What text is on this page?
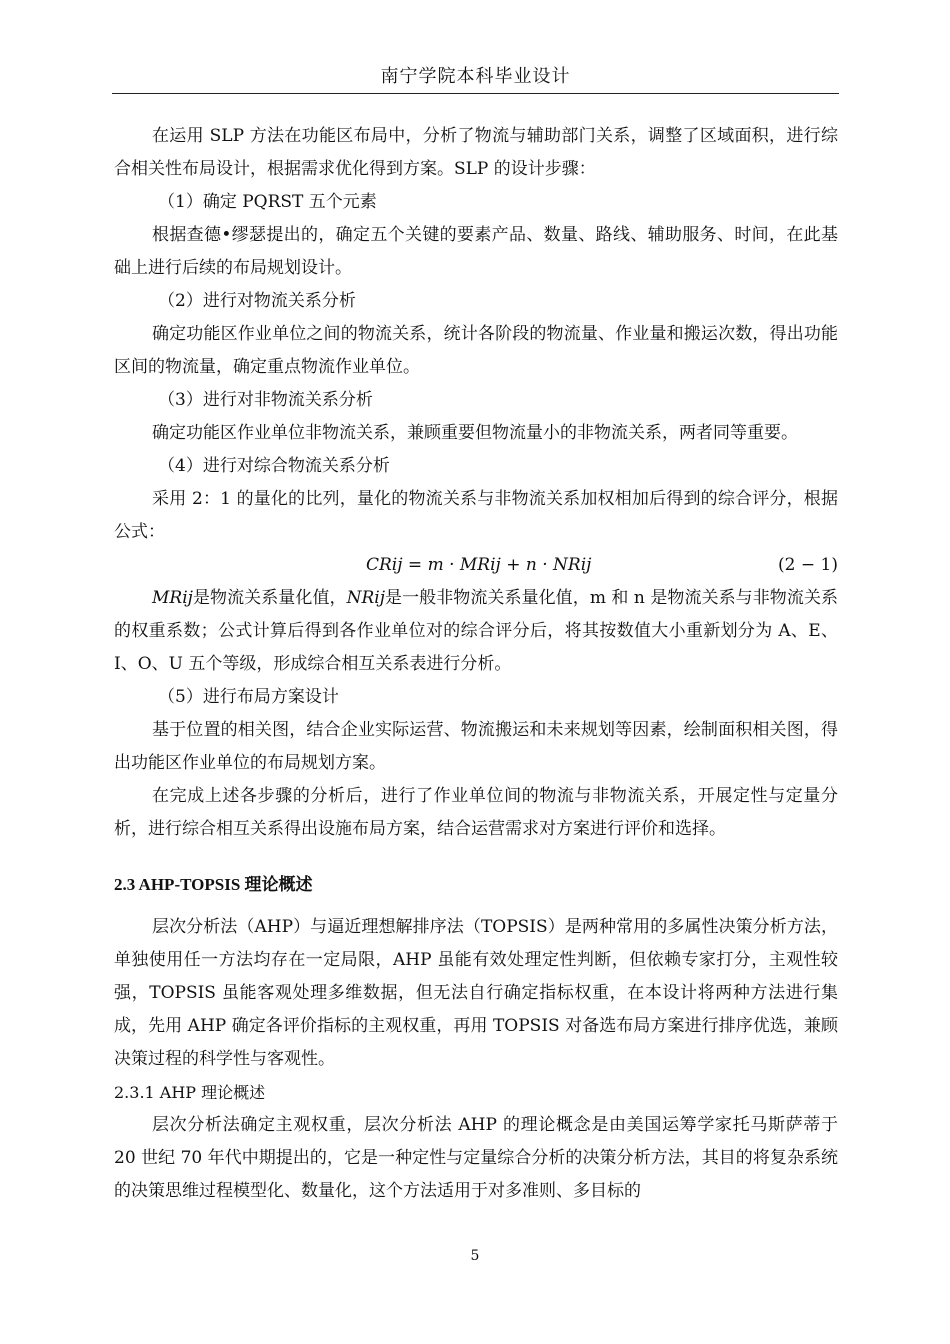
南宁学院本科毕业设计

在运用 SLP 方法在功能区布局中，分析了物流与辅助部门关系，调整了区域面积，进行综合相关性布局设计，根据需求优化得到方案。SLP 的设计步骤：

（1）确定 PQRST 五个元素

根据查德•缪瑟提出的，确定五个关键的要素产品、数量、路线、辅助服务、时间，在此基础上进行后续的布局规划设计。

（2）进行对物流关系分析

确定功能区作业单位之间的物流关系，统计各阶段的物流量、作业量和搬运次数，得出功能区间的物流量，确定重点物流作业单位。

（3）进行对非物流关系分析

确定功能区作业单位非物流关系，兼顾重要但物流量小的非物流关系，两者同等重要。

（4）进行对综合物流关系分析

采用 2：1 的量化的比列，量化的物流关系与非物流关系加权相加后得到的综合评分，根据公式：

CRij = m · MRij + n · NRij	(2 − 1)

MRij是物流关系量化值，NRij是一般非物流关系量化值，m 和 n 是物流关系与非物流关系的权重系数；公式计算后得到各作业单位对的综合评分后，将其按数值大小重新划分为 A、E、I、O、U 五个等级，形成综合相互关系表进行分析。

（5）进行布局方案设计

基于位置的相关图，结合企业实际运营、物流搬运和未来规划等因素，绘制面积相关图，得出功能区作业单位的布局规划方案。

在完成上述各步骤的分析后，进行了作业单位间的物流与非物流关系，开展定性与定量分析，进行综合相互关系得出设施布局方案，结合运营需求对方案进行评价和选择。

2.3 AHP-TOPSIS 理论概述

层次分析法（AHP）与逼近理想解排序法（TOPSIS）是两种常用的多属性决策分析方法，单独使用任一方法均存在一定局限，AHP 虽能有效处理定性判断，但依赖专家打分，主观性较强，TOPSIS 虽能客观处理多维数据，但无法自行确定指标权重，在本设计将两种方法进行集成，先用 AHP 确定各评价指标的主观权重，再用 TOPSIS 对备选布局方案进行排序优选，兼顾决策过程的科学性与客观性。

2.3.1 AHP 理论概述

层次分析法确定主观权重，层次分析法 AHP 的理论概念是由美国运筹学家托马斯萨蒂于 20 世纪 70 年代中期提出的，它是一种定性与定量综合分析的决策分析方法，其目的将复杂系统的决策思维过程模型化、数量化，这个方法适用于对多准则、多目标的

5
